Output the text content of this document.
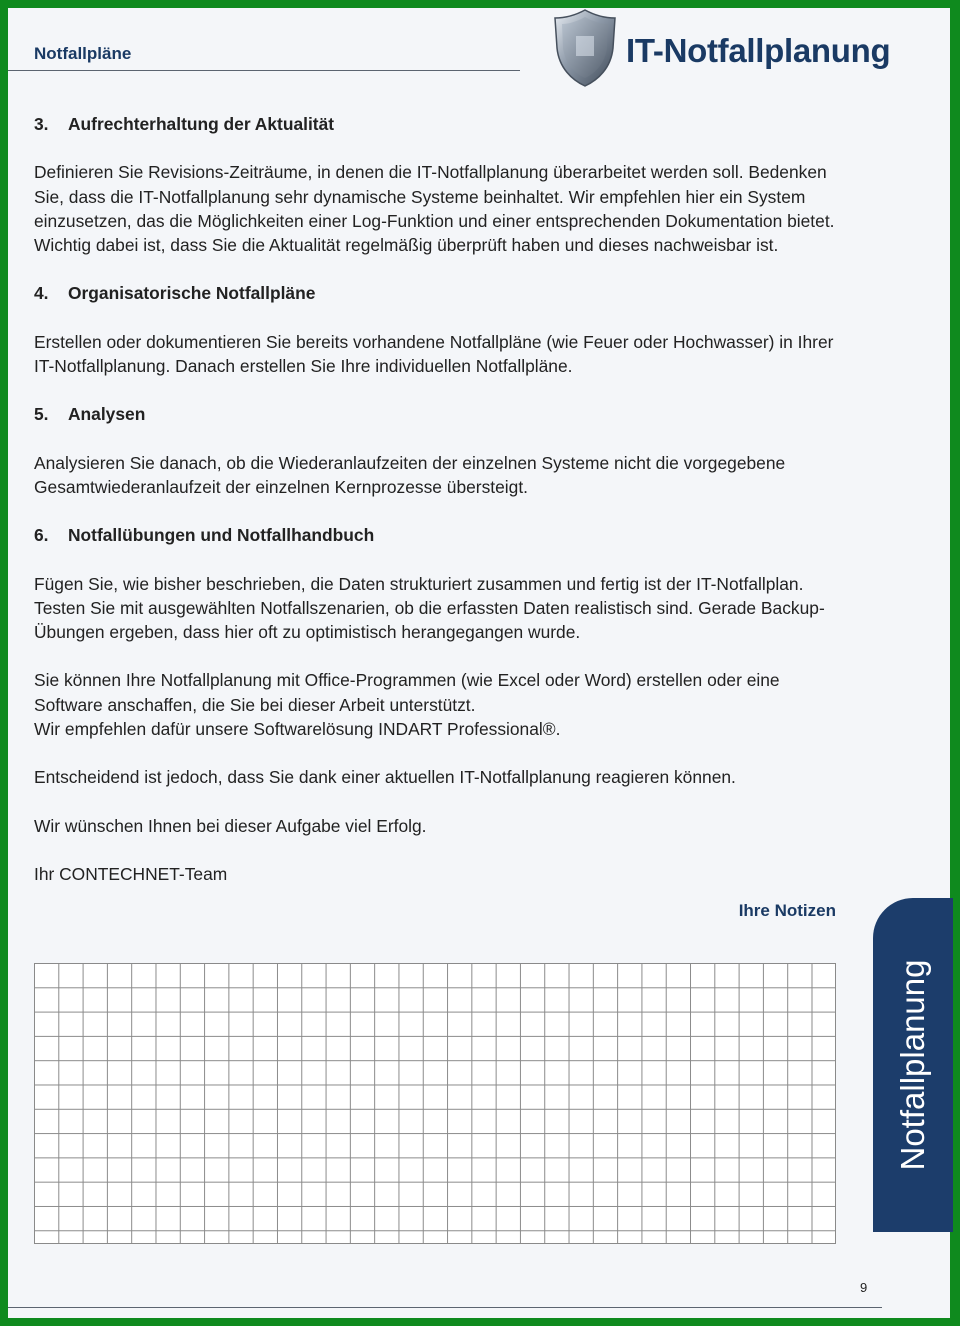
Notfallpläne	IT-Notfallplanung
3. Aufrechterhaltung der Aktualität

Definieren Sie Revisions-Zeiträume, in denen die IT-Notfallplanung überarbeitet werden soll. Bedenken Sie, dass die IT-Notfallplanung sehr dynamische Systeme beinhaltet. Wir empfehlen hier ein System einzusetzen, das die Möglichkeiten einer Log-Funktion und einer entsprechenden Dokumentation bietet. Wichtig dabei ist, dass Sie die Aktualität regelmäßig überprüft haben und dieses nachweisbar ist.

4. Organisatorische Notfallpläne

Erstellen oder dokumentieren Sie bereits vorhandene Notfallpläne (wie Feuer oder Hochwasser) in Ihrer IT-Notfallplanung. Danach erstellen Sie Ihre individuellen Notfallpläne.

5. Analysen

Analysieren Sie danach, ob die Wiederanlaufzeiten der einzelnen Systeme nicht die vorgegebene Gesamtwiederanlaufzeit der einzelnen Kernprozesse übersteigt.

6. Notfallübungen und Notfallhandbuch

Fügen Sie, wie bisher beschrieben, die Daten strukturiert zusammen und fertig ist der IT-Notfallplan. Testen Sie mit ausgewählten Notfallszenarien, ob die erfassten Daten realistisch sind. Gerade Backup-Übungen ergeben, dass hier oft zu optimistisch herangegangen wurde.

Sie können Ihre Notfallplanung mit Office-Programmen (wie Excel oder Word) erstellen oder eine Software anschaffen, die Sie bei dieser Arbeit unterstützt.
Wir empfehlen dafür unsere Softwarelösung INDART Professional®.

Entscheidend ist jedoch, dass Sie dank einer aktuellen IT-Notfallplanung reagieren können.

Wir wünschen Ihnen bei dieser Aufgabe viel Erfolg.

Ihr CONTECHNET-Team

Ihre Notizen
9
Notfallplanung
